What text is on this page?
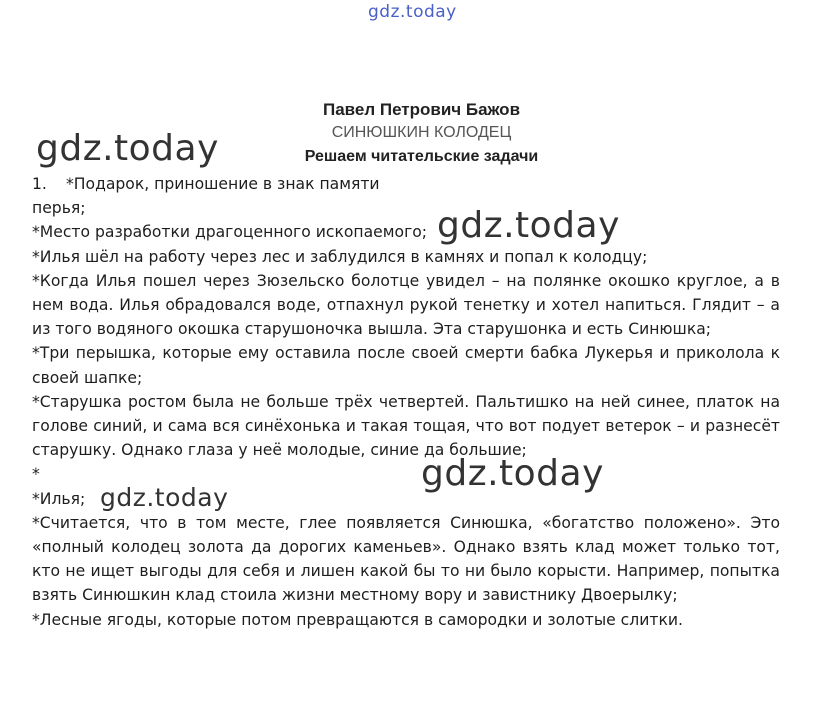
gdz.today
Павел Петрович Бажов
СИНЮШКИН КОЛОДЕЦ
Решаем читательские задачи

1. *Подарок, приношение в знак памяти

перья;

*Место разработки драгоценного ископаемого;

*Илья шёл на работу через лес и заблудился в камнях и попал к колодцу;

*Когда Илья пошел через Зюзельско болотце увидел – на полянке окошко круглое, а в нем вода. Илья обрадовался воде, отпахнул рукой тенетку и хотел напиться. Глядит – а из того водяного окошка старушоночка вышла. Эта старушонка и есть Синюшка;

*Три перышка, которые ему оставила после своей смерти бабка Лукерья и приколола к своей шапке;

*Старушка ростом была не больше трёх четвертей. Пальтишко на ней синее, платок на голове синий, и сама вся синёхонька и такая тощая, что вот подует ветерок – и разнесёт старушку. Однако глаза у неё молодые, синие да большие;

*

*Илья;

*Считается, что в том месте, глее появляется Синюшка, «богатство положено». Это «полный колодец золота да дорогих каменьев». Однако взять клад может только тот, кто не ищет выгоды для себя и лишен какой бы то ни было корысти. Например, попытка взять Синюшкин клад стоила жизни местному вору и завистнику Двоерылку;

*Лесные ягоды, которые потом превращаются в самородки и золотые слитки.

gdz.today
gdz.today
gdz.today
gdz.today
